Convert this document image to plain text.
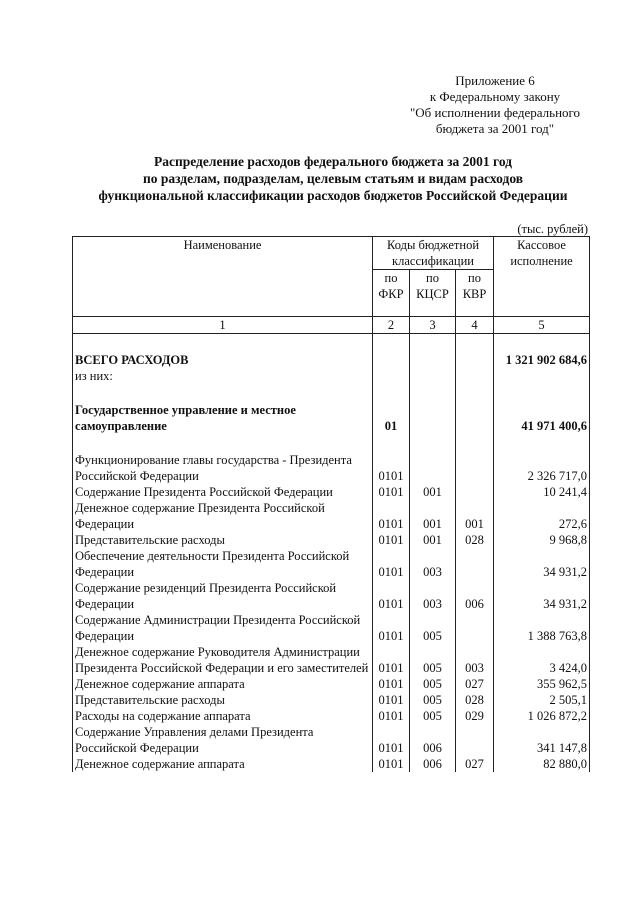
Приложение 6
к Федеральному закону
"Об исполнении федерального
бюджета за 2001 год"
Распределение расходов федерального бюджета за 2001 год
по разделам, подразделам, целевым статьям и видам расходов
функциональной классификации расходов бюджетов Российской Федерации
(тыс. рублей)
Наименование	Коды бюджетной классификации			Кассовое исполнение
	по ФКР	по КЦСР	по КВР	
1	2	3	4	5

ВСЕГО РАСХОДОВ				1 321 902 684,6
из них:				

Государственное управление и местное самоуправление	01			41 971 400,6

Функционирование главы государства - Президента Российской Федерации	0101			2 326 717,0
Содержание Президента Российской Федерации	0101	001		10 241,4
Денежное содержание Президента Российской Федерации	0101	001	001	272,6
Представительские расходы	0101	001	028	9 968,8
Обеспечение деятельности Президента Российской Федерации	0101	003		34 931,2
Содержание резиденций Президента Российской Федерации	0101	003	006	34 931,2
Содержание Администрации Президента Российской Федерации	0101	005		1 388 763,8
Денежное содержание Руководителя Администрации Президента Российской Федерации и его заместителей	0101	005	003	3 424,0
Денежное содержание аппарата	0101	005	027	355 962,5
Представительские расходы	0101	005	028	2 505,1
Расходы на содержание аппарата	0101	005	029	1 026 872,2
Содержание Управления делами Президента Российской Федерации	0101	006		341 147,8
Денежное содержание аппарата	0101	006	027	82 880,0
